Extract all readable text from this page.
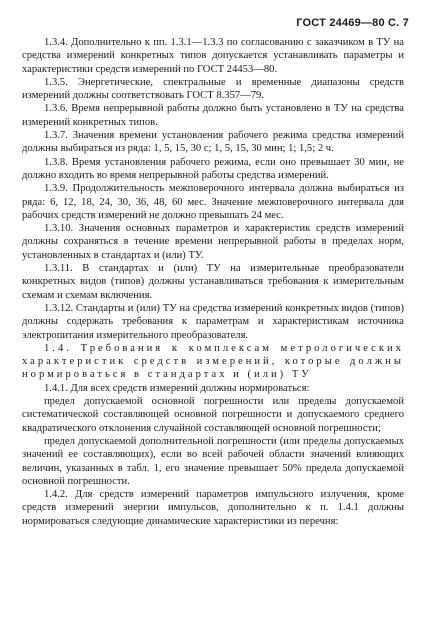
ГОСТ 24469—80 С. 7

1.3.4. Дополнительно к пп. 1.3.1—1.3.3 по согласованию с заказчиком в ТУ на средства измерений конкретных типов допускается устанавливать параметры и характеристики средств измерений по ГОСТ 24453—80.

1.3.5. Энергетические, спектральные и временные диапазоны средств измерений должны соответствовать ГОСТ 8.357—79.

1.3.6. Время непрерывной работы должно быть установлено в ТУ на средства измерений конкретных типов.

1.3.7. Значения времени установления рабочего режима средства измерений должны выбираться из ряда: 1, 5, 15, 30 с; 1, 5, 15, 30 мин; 1; 1,5; 2 ч.

1.3.8. Время установления рабочего режима, если оно превышает 30 мин, не должно входить во время непрерывной работы средства измерений.

1.3.9. Продолжительность межповерочного интервала должна выбираться из ряда: 6, 12, 18, 24, 30, 36, 48, 60 мес. Значение межповерочного интервала для рабочих средств измерений не должно превышать 24 мес.

1.3.10. Значения основных параметров и характеристик средств измерений должны сохраняться в течение времени непрерывной работы в пределах норм, установленных в стандартах и (или) ТУ.

1.3.11. В стандартах и (или) ТУ на измерительные преобразователи конкретных видов (типов) должны устанавливаться требования к измерительным схемам и схемам включения.

1.3.12. Стандарты и (или) ТУ на средства измерений конкретных видов (типов) должны содержать требования к параметрам и характеристикам источника электропитания измерительного преобразователя.

1.4. Требования к комплексам метрологических характеристик средств измерений, которые должны нормироваться в стандартах и (или) ТУ

1.4.1. Для всех средств измерений должны нормироваться:

предел допускаемой основной погрешности или пределы допускаемой систематической составляющей основной погрешности и допускаемого среднего квадратического отклонения случайной составляющей основной погрешности;

предел допускаемой дополнительной погрешности (или пределы допускаемых значений ее составляющих), если во всей рабочей области значений влияющих величин, указанных в табл. 1, его значение превышает 50% предела допускаемой основной погрешности.

1.4.2. Для средств измерений параметров импульсного излучения, кроме средств измерений энергии импульсов, дополнительно к п. 1.4.1 должны нормироваться следующие динамические характеристики из перечня:
